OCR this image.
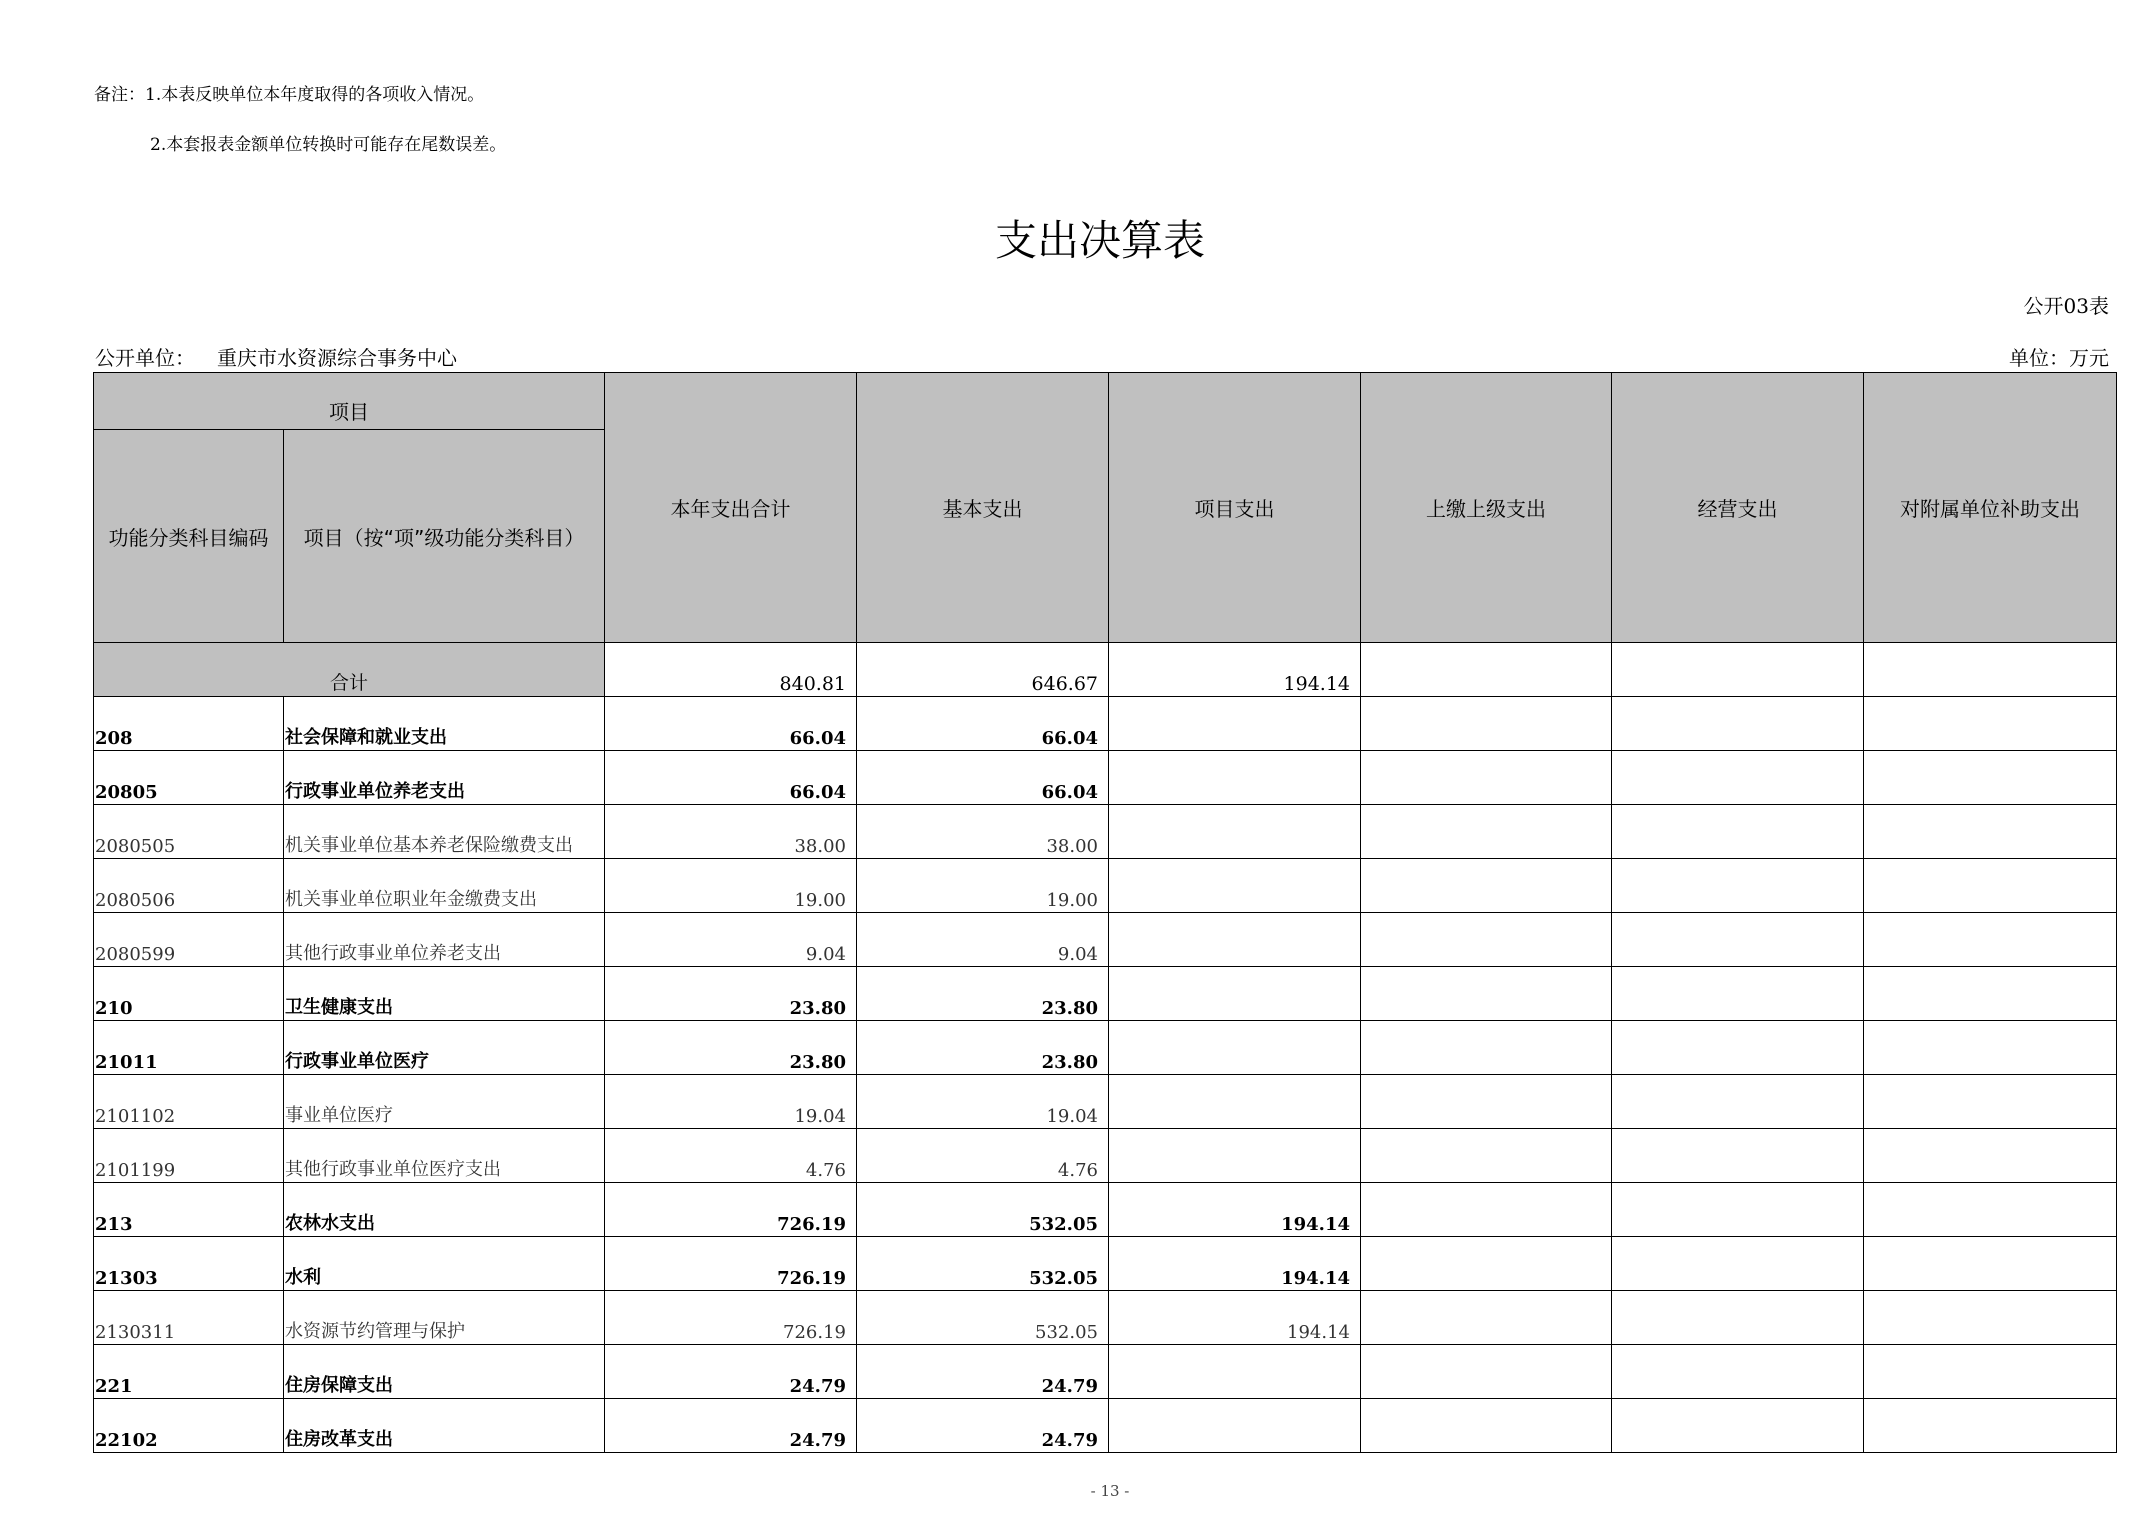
备注：1.本表反映单位本年度取得的各项收入情况。
2.本套报表金额单位转换时可能存在尾数误差。
支出决算表
公开03表
公开单位： 重庆市水资源综合事务中心	单位：万元
项目		本年支出合计	基本支出	项目支出	上缴上级支出	经营支出	对附属单位补助支出
功能分类科目编码	项目（按“项”级功能分类科目）						
合计		840.81	646.67	194.14			
208	社会保障和就业支出	66.04	66.04				
20805	行政事业单位养老支出	66.04	66.04				
2080505	机关事业单位基本养老保险缴费支出	38.00	38.00				
2080506	机关事业单位职业年金缴费支出	19.00	19.00				
2080599	其他行政事业单位养老支出	9.04	9.04				
210	卫生健康支出	23.80	23.80				
21011	行政事业单位医疗	23.80	23.80				
2101102	事业单位医疗	19.04	19.04				
2101199	其他行政事业单位医疗支出	4.76	4.76				
213	农林水支出	726.19	532.05	194.14			
21303	水利	726.19	532.05	194.14			
2130311	水资源节约管理与保护	726.19	532.05	194.14			
221	住房保障支出	24.79	24.79				
22102	住房改革支出	24.79	24.79				
- 13 -
